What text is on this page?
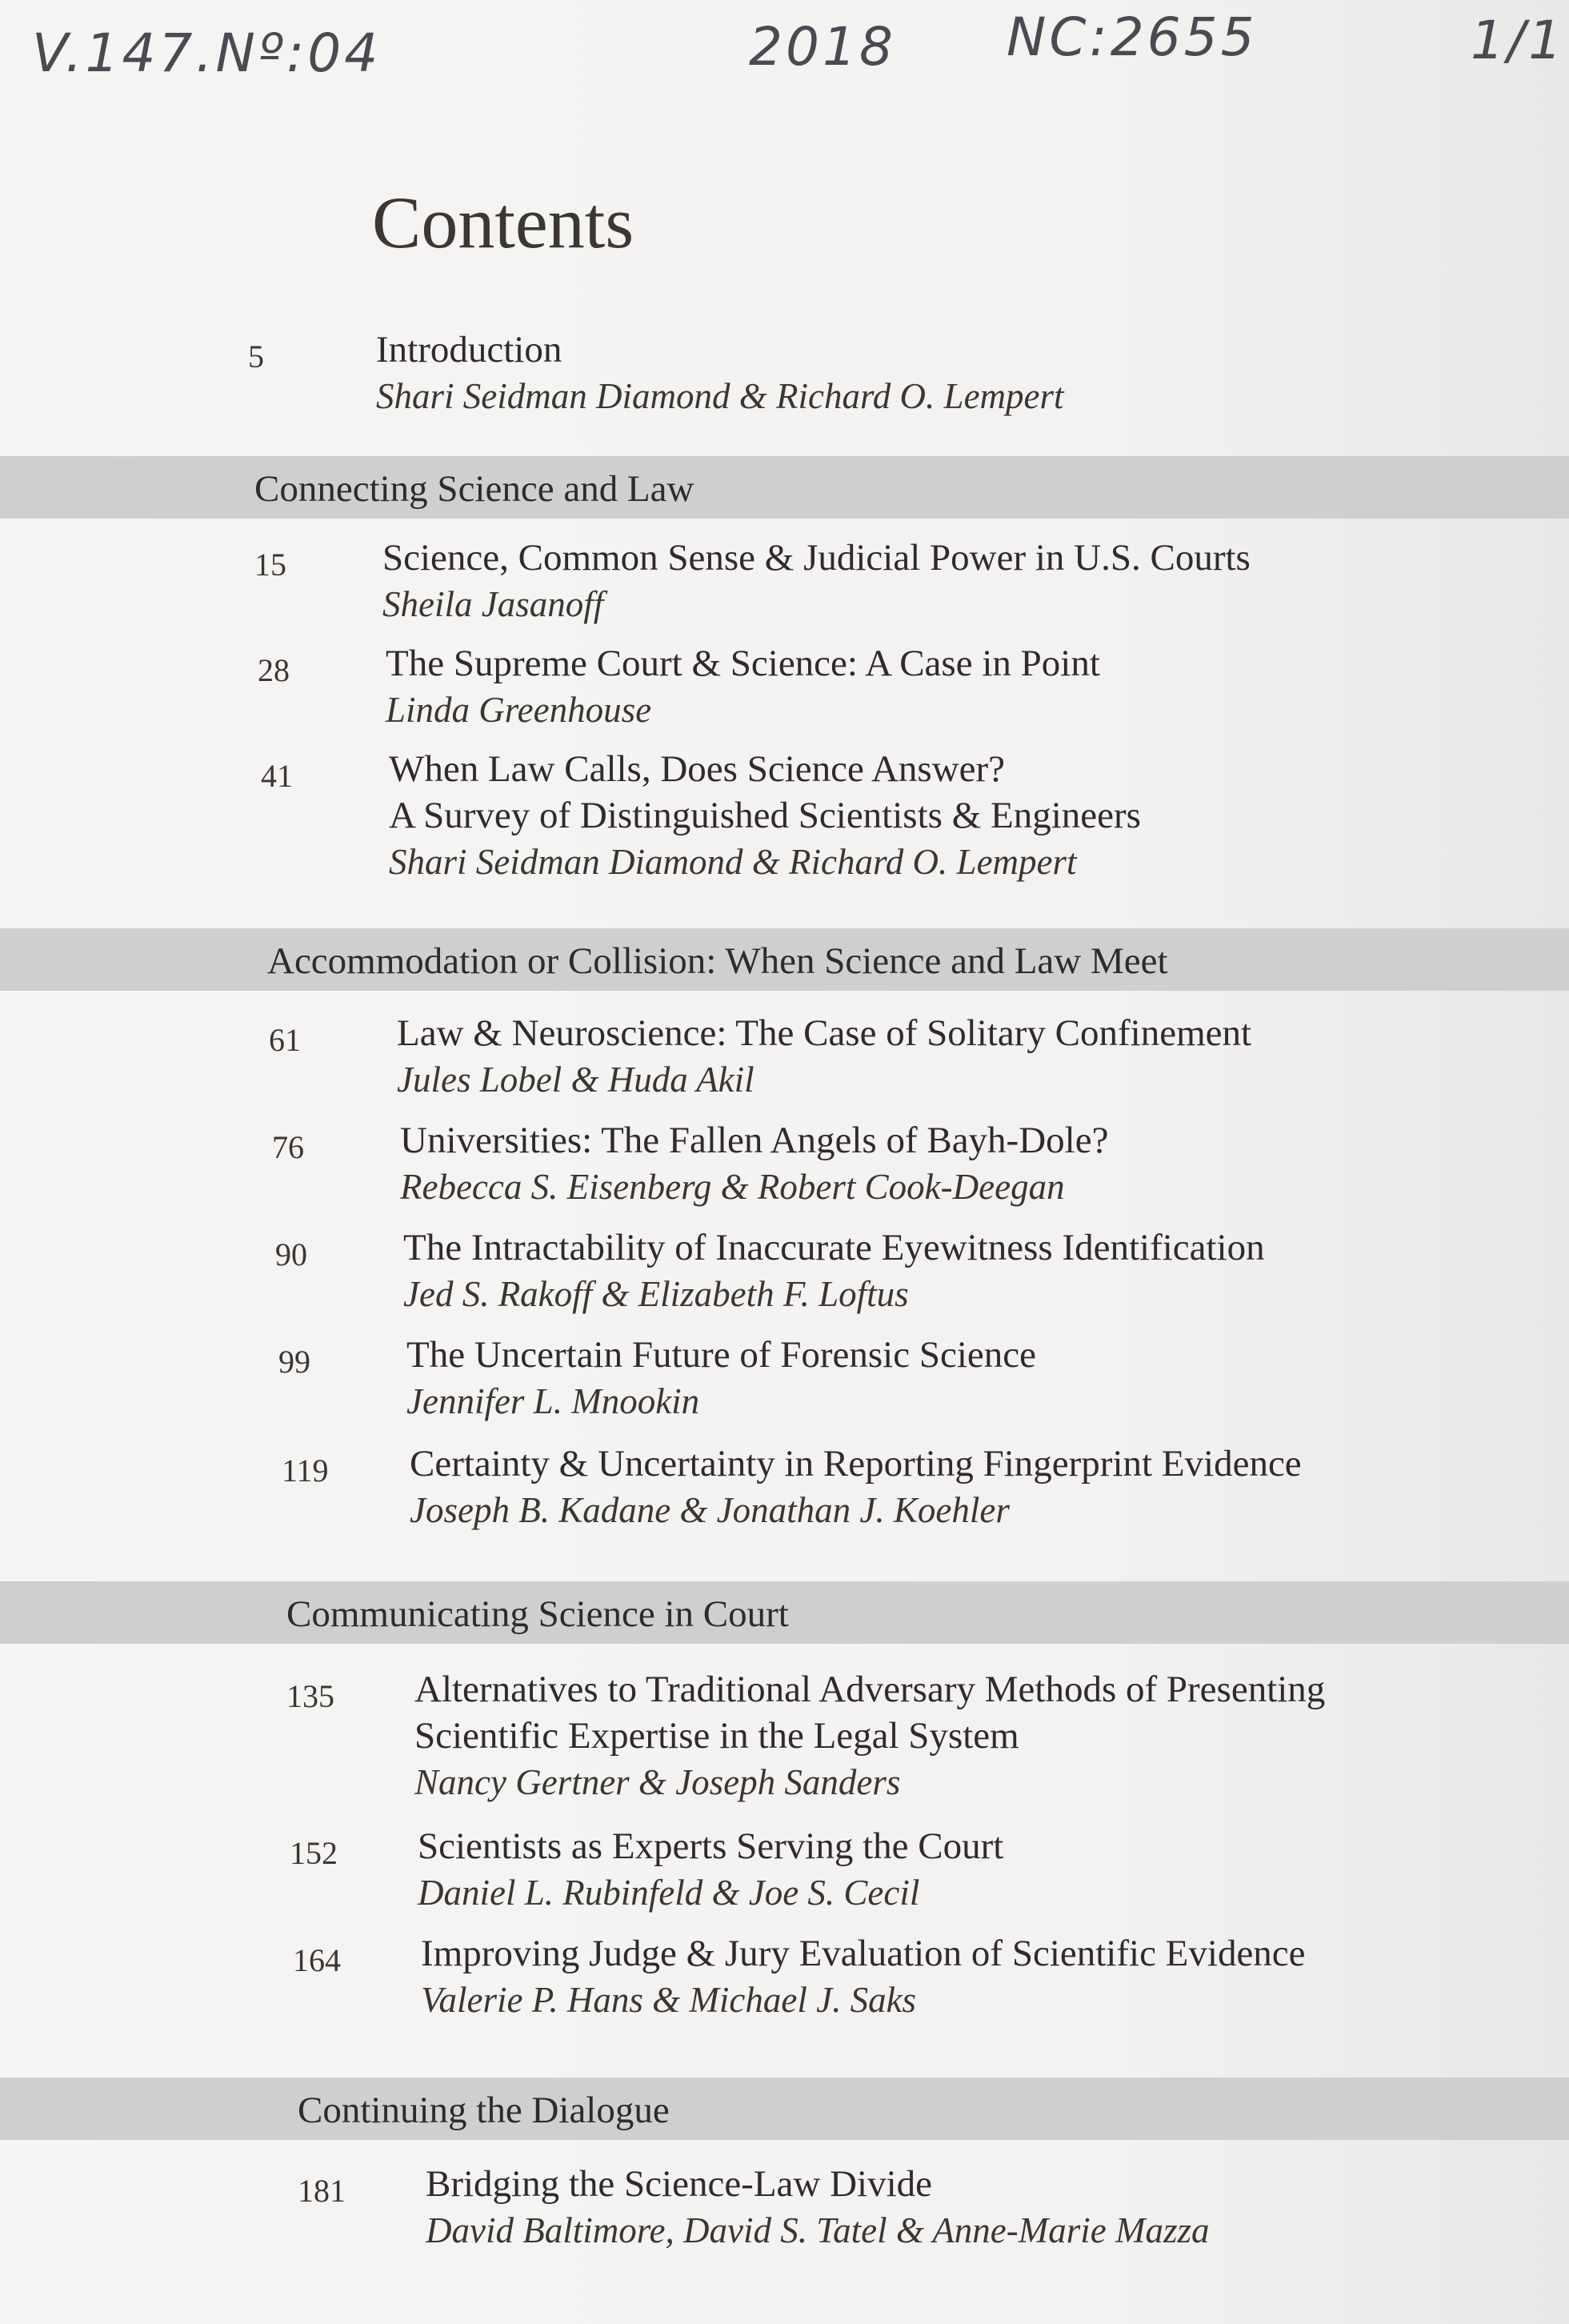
V.147.Nº:04	2018 NC:2655	1/1
Contents
5	Introduction
Shari Seidman Diamond & Richard O. Lempert
Connecting Science and Law
15	Science, Common Sense & Judicial Power in U.S. Courts
Sheila Jasanoff
28	The Supreme Court & Science: A Case in Point
Linda Greenhouse
41	When Law Calls, Does Science Answer?
A Survey of Distinguished Scientists & Engineers
Shari Seidman Diamond & Richard O. Lempert
Accommodation or Collision: When Science and Law Meet
61	Law & Neuroscience: The Case of Solitary Confinement
Jules Lobel & Huda Akil
76	Universities: The Fallen Angels of Bayh-Dole?
Rebecca S. Eisenberg & Robert Cook-Deegan
90	The Intractability of Inaccurate Eyewitness Identification
Jed S. Rakoff & Elizabeth F. Loftus
99	The Uncertain Future of Forensic Science
Jennifer L. Mnookin
119	Certainty & Uncertainty in Reporting Fingerprint Evidence
Joseph B. Kadane & Jonathan J. Koehler
Communicating Science in Court
135	Alternatives to Traditional Adversary Methods of Presenting
Scientific Expertise in the Legal System
Nancy Gertner & Joseph Sanders
152	Scientists as Experts Serving the Court
Daniel L. Rubinfeld & Joe S. Cecil
164	Improving Judge & Jury Evaluation of Scientific Evidence
Valerie P. Hans & Michael J. Saks
Continuing the Dialogue
181	Bridging the Science-Law Divide
David Baltimore, David S. Tatel & Anne-Marie Mazza
